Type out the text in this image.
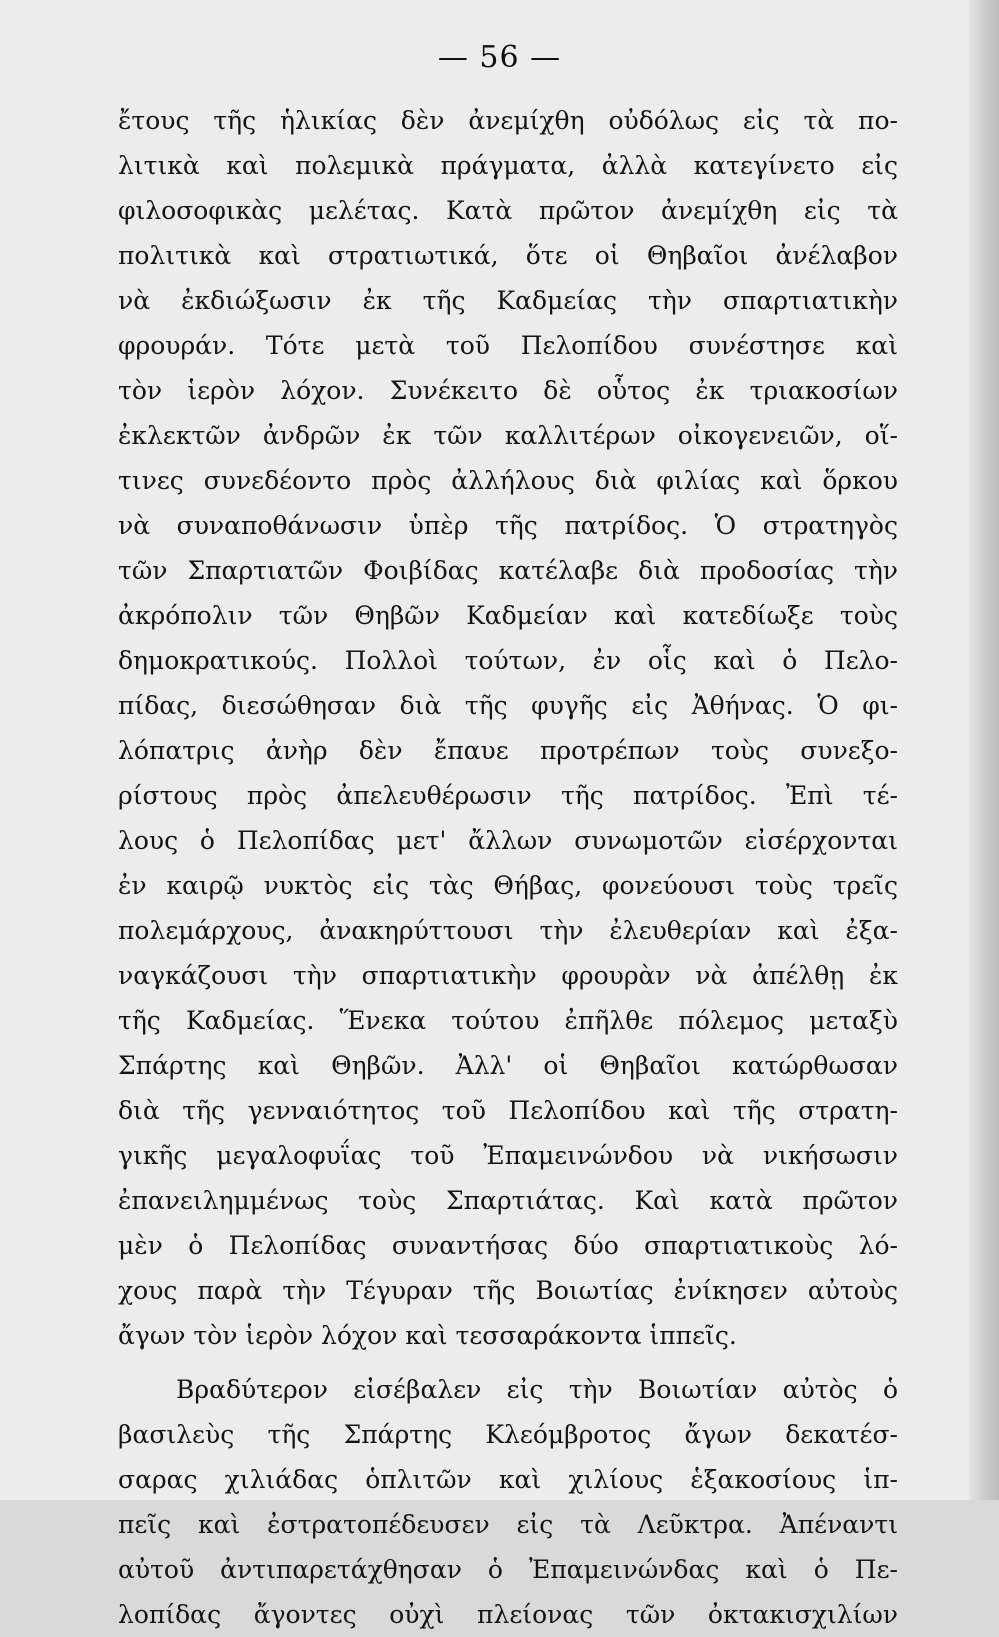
— 56 —
ἔτους τῆς ἡλικίας δὲν ἀνεμίχθη οὐδόλως εἰς τὰ πο-
λιτικὰ καὶ πολεμικὰ πράγματα, ἀλλὰ κατεγίνετο εἰς
φιλοσοφικὰς μελέτας. Κατὰ πρῶτον ἀνεμίχθη εἰς τὰ
πολιτικὰ καὶ στρατιωτικά, ὅτε οἱ Θηβαῖοι ἀνέλαβον
νὰ ἐκδιώξωσιν ἐκ τῆς Καδμείας τὴν σπαρτιατικὴν
φρουράν. Τότε μετὰ τοῦ Πελοπίδου συνέστησε καὶ
τὸν ἱερὸν λόχον. Συνέκειτο δὲ οὗτος ἐκ τριακοσίων
ἐκλεκτῶν ἀνδρῶν ἐκ τῶν καλλιτέρων οἰκογενειῶν, οἵ-
τινες συνεδέοντο πρὸς ἀλλήλους διὰ φιλίας καὶ ὅρκου
νὰ συναποθάνωσιν ὑπὲρ τῆς πατρίδος. Ὁ στρατηγὸς
τῶν Σπαρτιατῶν Φοιβίδας κατέλαβε διὰ προδοσίας τὴν
ἀκρόπολιν τῶν Θηβῶν Καδμείαν καὶ κατεδίωξε τοὺς
δημοκρατικούς. Πολλοὶ τούτων, ἐν οἷς καὶ ὁ Πελο-
πίδας, διεσώθησαν διὰ τῆς φυγῆς εἰς Ἀθήνας. Ὁ φι-
λόπατρις ἀνὴρ δὲν ἔπαυε προτρέπων τοὺς συνεξο-
ρίστους πρὸς ἀπελευθέρωσιν τῆς πατρίδος. Ἐπὶ τέ-
λους ὁ Πελοπίδας μετ' ἄλλων συνωμοτῶν εἰσέρχονται
ἐν καιρῷ νυκτὸς εἰς τὰς Θήβας, φονεύουσι τοὺς τρεῖς
πολεμάρχους, ἀνακηρύττουσι τὴν ἐλευθερίαν καὶ ἐξα-
ναγκάζουσι τὴν σπαρτιατικὴν φρουρὰν νὰ ἀπέλθῃ ἐκ
τῆς Καδμείας. Ἕνεκα τούτου ἐπῆλθε πόλεμος μεταξὺ
Σπάρτης καὶ Θηβῶν. Ἀλλ' οἱ Θηβαῖοι κατώρθωσαν
διὰ τῆς γενναιότητος τοῦ Πελοπίδου καὶ τῆς στρατη-
γικῆς μεγαλοφυΐας τοῦ Ἐπαμεινώνδου νὰ νικήσωσιν
ἐπανειλημμένως τοὺς Σπαρτιάτας. Καὶ κατὰ πρῶτον
μὲν ὁ Πελοπίδας συναντήσας δύο σπαρτιατικοὺς λό-
χους παρὰ τὴν Τέγυραν τῆς Βοιωτίας ἐνίκησεν αὐτοὺς
ἄγων τὸν ἱερὸν λόχον καὶ τεσσαράκοντα ἱππεῖς.
Βραδύτερον εἰσέβαλεν εἰς τὴν Βοιωτίαν αὐτὸς ὁ
βασιλεὺς τῆς Σπάρτης Κλεόμβροτος ἄγων δεκατέσ-
σαρας χιλιάδας ὁπλιτῶν καὶ χιλίους ἑξακοσίους ἱπ-
πεῖς καὶ ἐστρατοπέδευσεν εἰς τὰ Λεῦκτρα. Ἀπέναντι
αὐτοῦ ἀντιπαρετάχθησαν ὁ Ἐπαμεινώνδας καὶ ὁ Πε-
λοπίδας ἄγοντες οὐχὶ πλείονας τῶν ὀκτακισχιλίων
